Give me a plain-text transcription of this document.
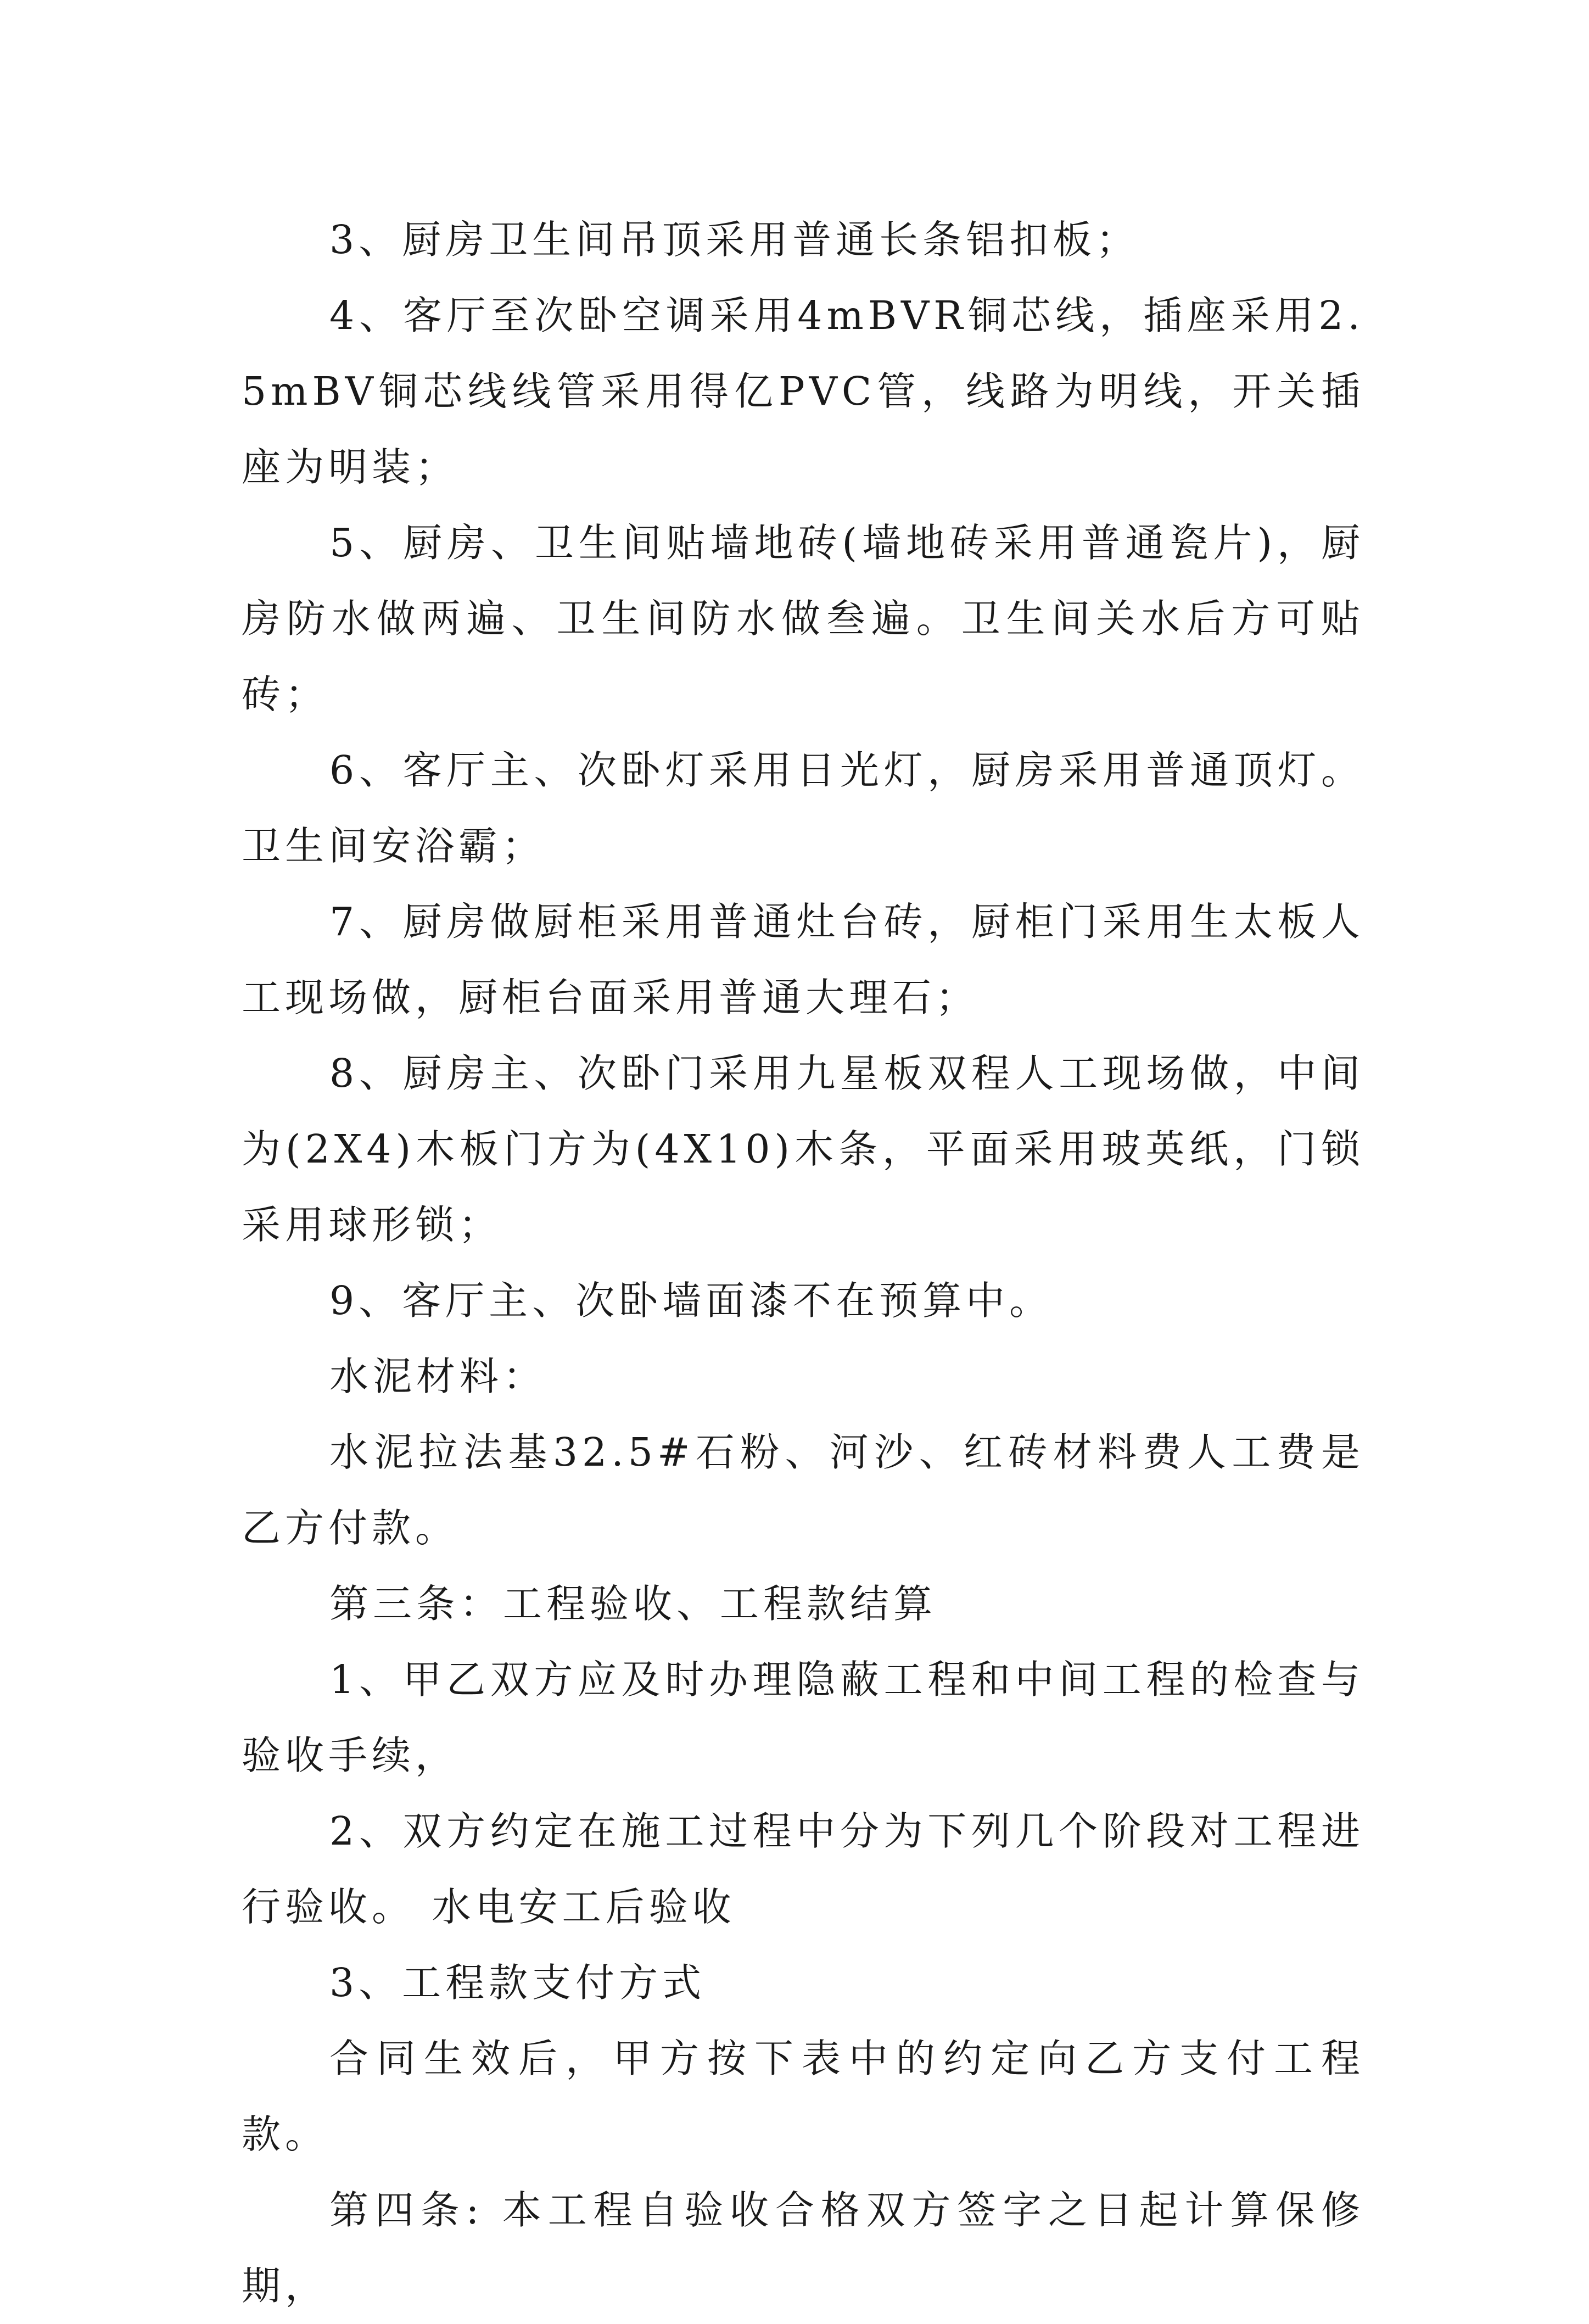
3、厨房卫生间吊顶采用普通长条铝扣板；

4、客厅至次卧空调采用4mBVR铜芯线，插座采用2.5mBV铜芯线线管采用得亿PVC管，线路为明线，开关插座为明装；

5、厨房、卫生间贴墙地砖(墙地砖采用普通瓷片)，厨房防水做两遍、卫生间防水做叁遍。卫生间关水后方可贴砖；

6、客厅主、次卧灯采用日光灯，厨房采用普通顶灯。卫生间安浴霸；

7、厨房做厨柜采用普通灶台砖，厨柜门采用生太板人工现场做，厨柜台面采用普通大理石；

8、厨房主、次卧门采用九星板双程人工现场做，中间为(2X4)木板门方为(4X10)木条，平面采用玻英纸，门锁采用球形锁；

9、客厅主、次卧墙面漆不在预算中。

水泥材料：

水泥拉法基32.5#石粉、河沙、红砖材料费人工费是乙方付款。

第三条：工程验收、工程款结算

1、甲乙双方应及时办理隐蔽工程和中间工程的检查与验收手续，

2、双方约定在施工过程中分为下列几个阶段对工程进行验收。 水电安工后验收

3、工程款支付方式

合同生效后，甲方按下表中的约定向乙方支付工程款。

第四条: 本工程自验收合格双方签字之日起计算保修期，
